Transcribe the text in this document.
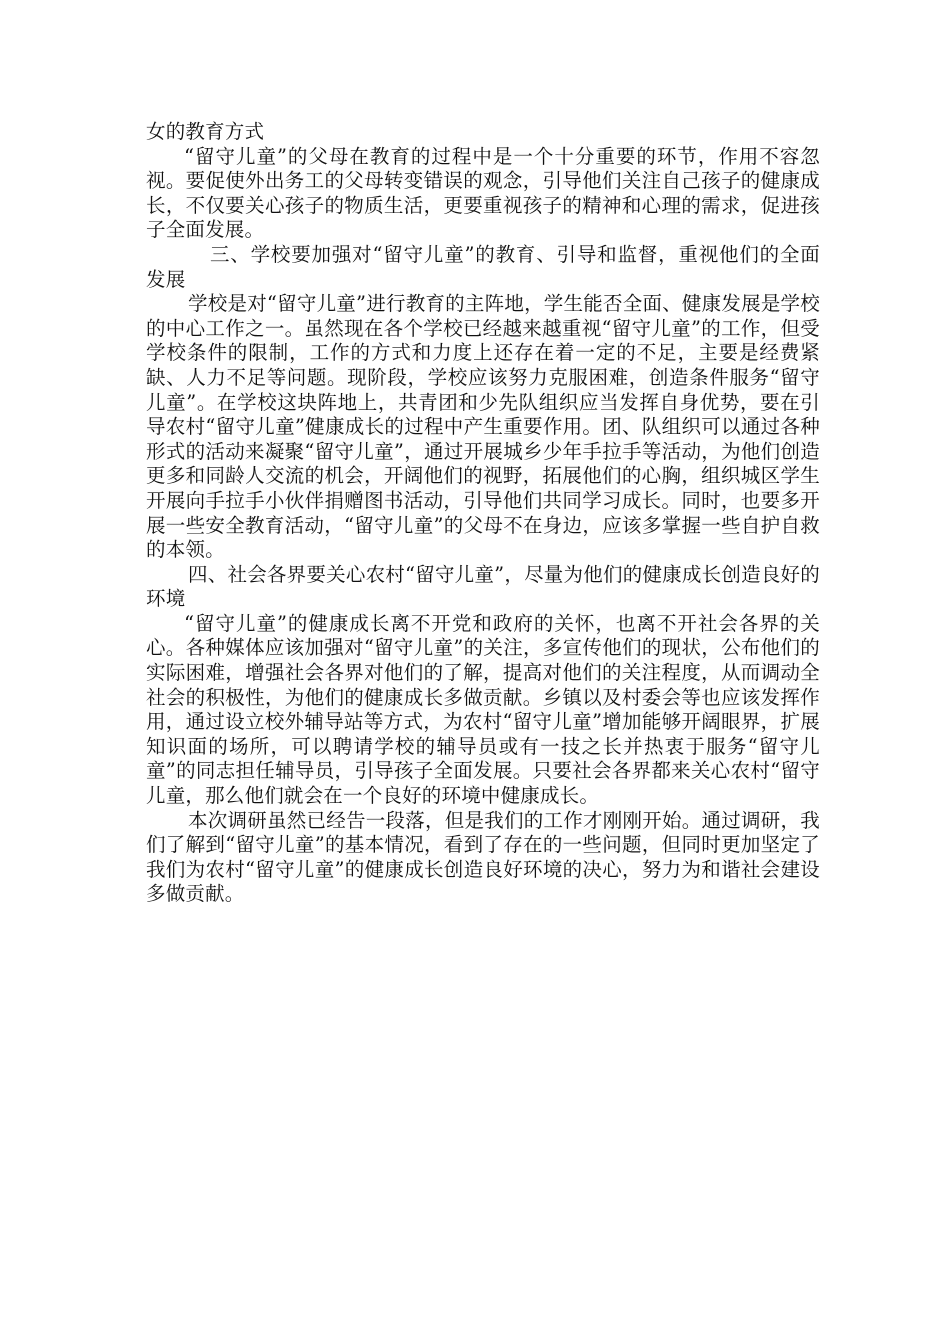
女的教育方式

“留守儿童”的父母在教育的过程中是一个十分重要的环节，作用不容忽视。要促使外出务工的父母转变错误的观念，引导他们关注自己孩子的健康成长，不仅要关心孩子的物质生活，更要重视孩子的精神和心理的需求，促进孩子全面发展。

三、学校要加强对“留守儿童”的教育、引导和监督，重视他们的全面发展

学校是对“留守儿童”进行教育的主阵地，学生能否全面、健康发展是学校的中心工作之一。虽然现在各个学校已经越来越重视“留守儿童”的工作，但受学校条件的限制，工作的方式和力度上还存在着一定的不足，主要是经费紧缺、人力不足等问题。现阶段，学校应该努力克服困难，创造条件服务“留守儿童”。在学校这块阵地上，共青团和少先队组织应当发挥自身优势，要在引导农村“留守儿童”健康成长的过程中产生重要作用。团、队组织可以通过各种形式的活动来凝聚“留守儿童”，通过开展城乡少年手拉手等活动，为他们创造更多和同龄人交流的机会，开阔他们的视野，拓展他们的心胸，组织城区学生开展向手拉手小伙伴捐赠图书活动，引导他们共同学习成长。同时，也要多开展一些安全教育活动，“留守儿童”的父母不在身边，应该多掌握一些自护自救的本领。

四、社会各界要关心农村“留守儿童”，尽量为他们的健康成长创造良好的环境

“留守儿童”的健康成长离不开党和政府的关怀，也离不开社会各界的关心。各种媒体应该加强对“留守儿童”的关注，多宣传他们的现状，公布他们的实际困难，增强社会各界对他们的了解，提高对他们的关注程度，从而调动全社会的积极性，为他们的健康成长多做贡献。乡镇以及村委会等也应该发挥作用，通过设立校外辅导站等方式，为农村“留守儿童”增加能够开阔眼界，扩展知识面的场所，可以聘请学校的辅导员或有一技之长并热衷于服务“留守儿童”的同志担任辅导员，引导孩子全面发展。只要社会各界都来关心农村“留守儿童，那么他们就会在一个良好的环境中健康成长。

本次调研虽然已经告一段落，但是我们的工作才刚刚开始。通过调研，我们了解到“留守儿童”的基本情况，看到了存在的一些问题，但同时更加坚定了我们为农村“留守儿童”的健康成长创造良好环境的决心，努力为和谐社会建设多做贡献。
